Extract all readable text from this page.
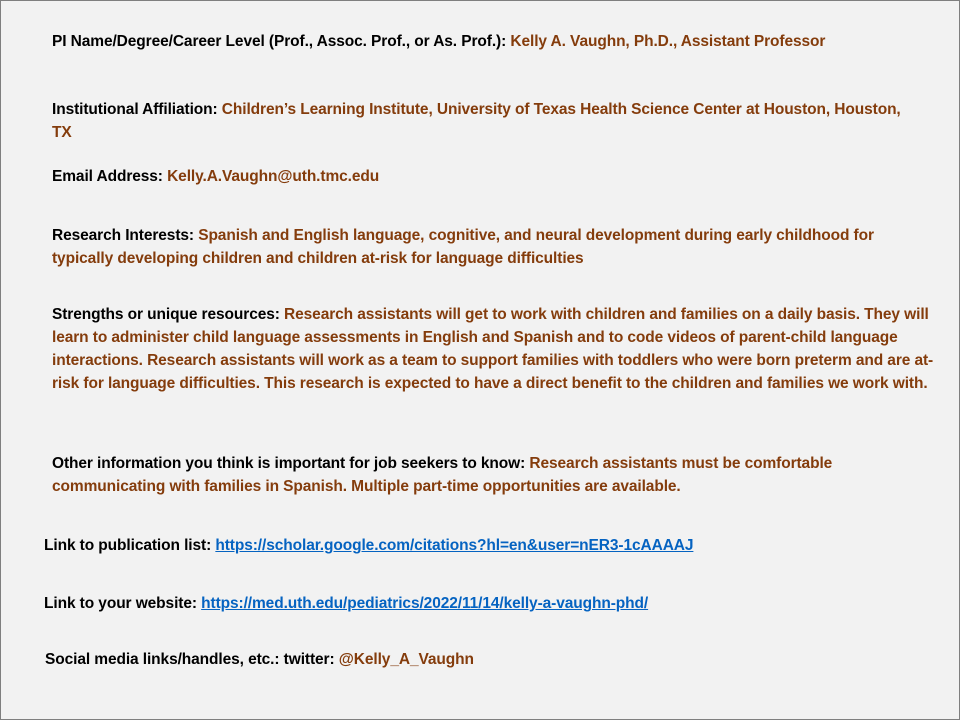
PI Name/Degree/Career Level (Prof., Assoc. Prof., or As. Prof.): Kelly A. Vaughn, Ph.D., Assistant Professor
Institutional Affiliation: Children’s Learning Institute, University of Texas Health Science Center at Houston, Houston, TX
Email Address: Kelly.A.Vaughn@uth.tmc.edu
Research Interests: Spanish and English language, cognitive, and neural development during early childhood for typically developing children and children at-risk for language difficulties
Strengths or unique resources: Research assistants will get to work with children and families on a daily basis. They will learn to administer child language assessments in English and Spanish and to code videos of parent-child language interactions. Research assistants will work as a team to support families with toddlers who were born preterm and are at-risk for language difficulties. This research is expected to have a direct benefit to the children and families we work with.
Other information you think is important for job seekers to know: Research assistants must be comfortable communicating with families in Spanish. Multiple part-time opportunities are available.
Link to publication list: https://scholar.google.com/citations?hl=en&user=nER3-1cAAAAJ
Link to your website: https://med.uth.edu/pediatrics/2022/11/14/kelly-a-vaughn-phd/
Social media links/handles, etc.: twitter: @Kelly_A_Vaughn
